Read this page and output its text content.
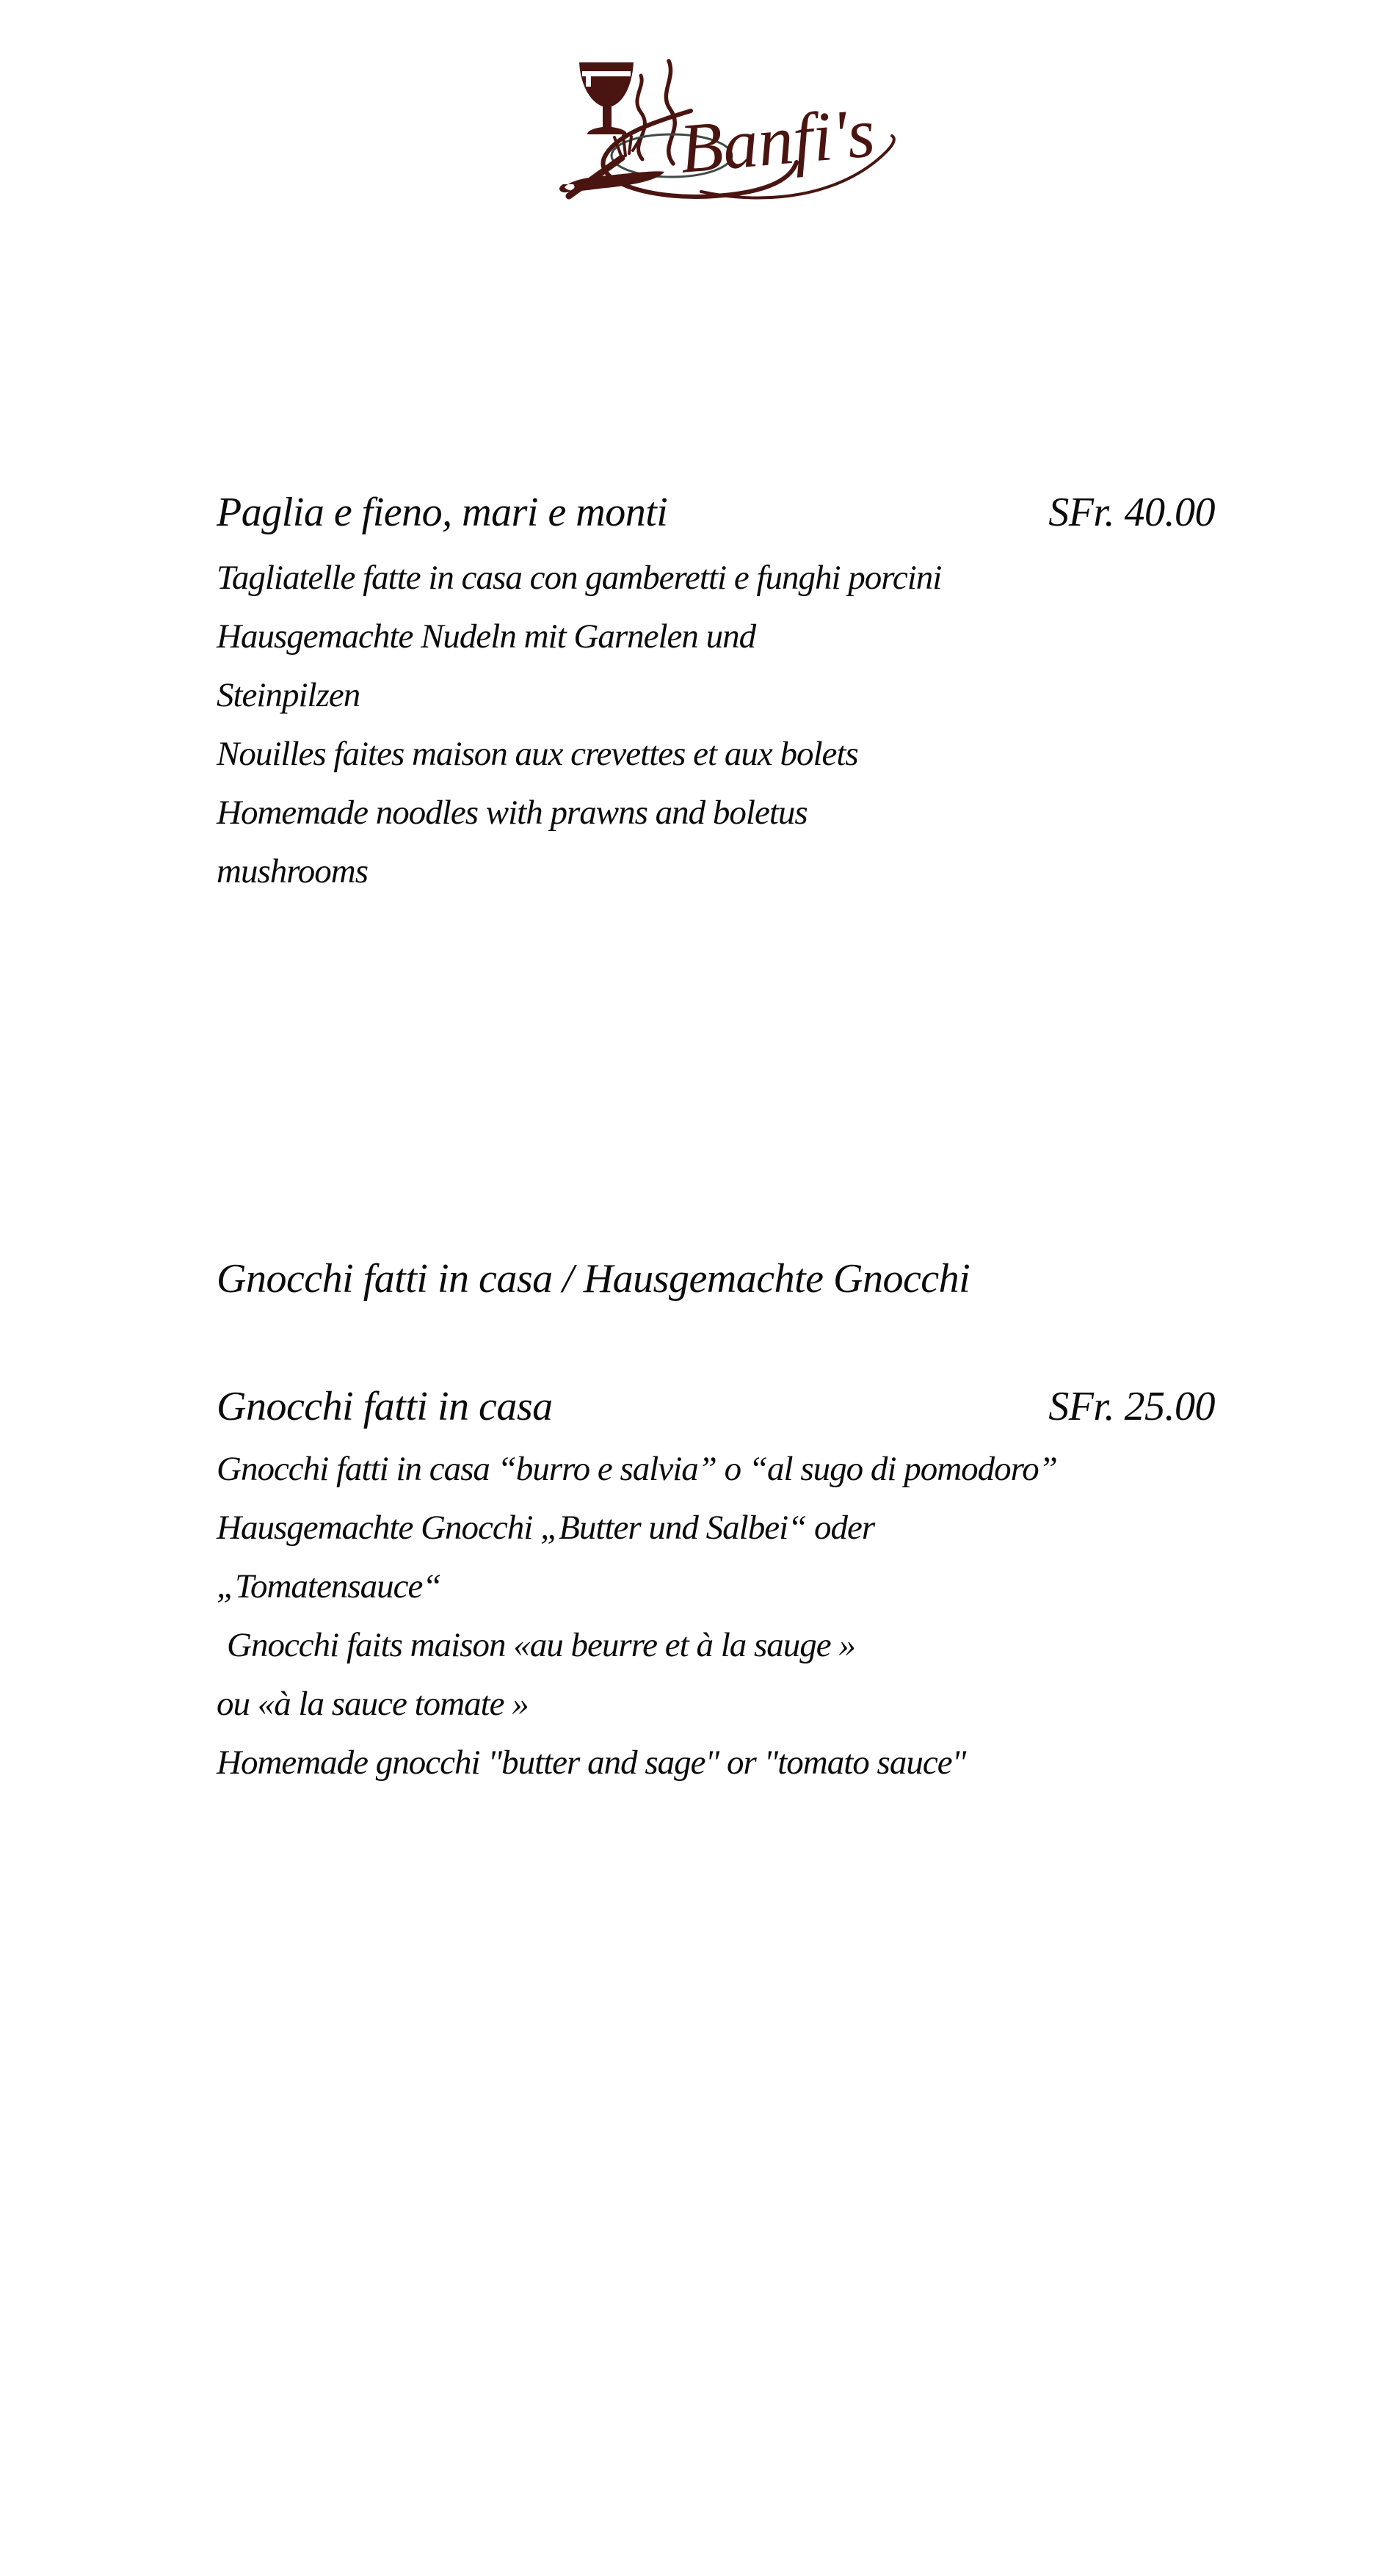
Banfi's
Paglia e fieno, mari e monti	SFr. 40.00
Tagliatelle fatte in casa con gamberetti e funghi porcini
Hausgemachte Nudeln mit Garnelen und
Steinpilzen
Nouilles faites maison aux crevettes et aux bolets
Homemade noodles with prawns and boletus
mushrooms
Gnocchi fatti in casa / Hausgemachte Gnocchi
Gnocchi fatti in casa	SFr. 25.00
Gnocchi fatti in casa “burro e salvia” o “al sugo di pomodoro”
Hausgemachte Gnocchi „Butter und Salbei“ oder
„Tomatensauce“
Gnocchi faits maison «au beurre et à la sauge »
ou «à la sauce tomate »
Homemade gnocchi "butter and sage" or "tomato sauce"
